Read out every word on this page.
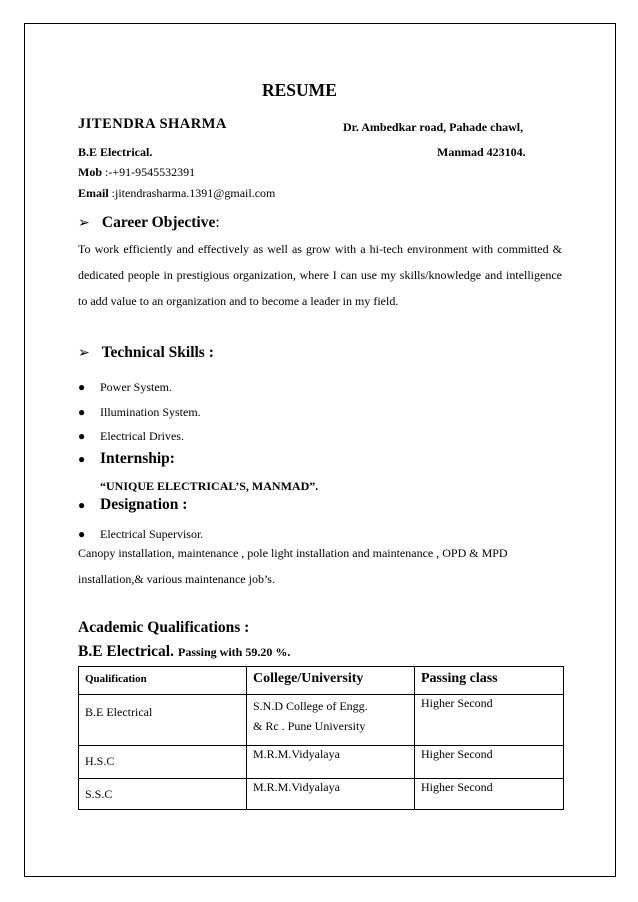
RESUME
JITENDRA SHARMA	Dr. Ambedkar road, Pahade chawl,
B.E Electrical.	Manmad 423104.
Mob :-+91-9545532391
Email :jitendrasharma.1391@gmail.com
➢ Career Objective:
To work efficiently and effectively as well as grow with a hi-tech environment with committed & dedicated people in prestigious organization, where I can use my skills/knowledge and intelligence to add value to an organization and to become a leader in my field.
➢ Technical Skills :
● Power System.
● Illumination System.
● Electrical Drives.
● Internship:
“UNIQUE ELECTRICAL’S, MANMAD”.
● Designation :
● Electrical Supervisor.
Canopy installation, maintenance , pole light installation and maintenance , OPD & MPD installation,& various maintenance job’s.
Academic Qualifications :
B.E Electrical. Passing with 59.20 %.
Qualification	College/University	Passing class
B.E Electrical	S.N.D College of Engg.
& Rc . Pune University	Higher Second
H.S.C	M.R.M.Vidyalaya	Higher Second
S.S.C	M.R.M.Vidyalaya	Higher Second
